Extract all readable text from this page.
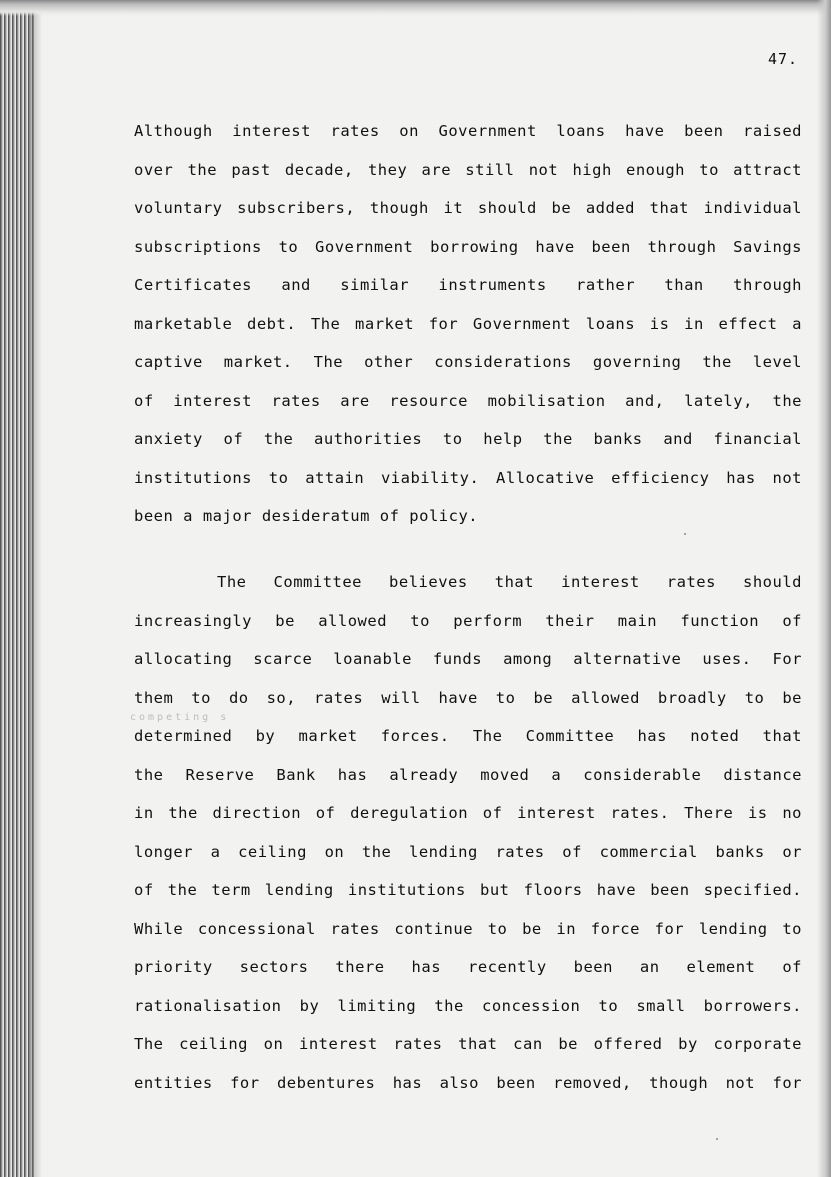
47.
Although interest rates on Government loans have been raised
over the past decade, they are still not high enough to attract
voluntary subscribers, though it should be added that individual
subscriptions to Government borrowing have been through Savings
Certificates and similar instruments rather than through
marketable debt. The market for Government loans is in effect a
captive market. The other considerations governing the level
of interest rates are resource mobilisation and, lately, the
anxiety of the authorities to help the banks and financial
institutions to attain viability. Allocative efficiency has not
been a major desideratum of policy.
The Committee believes that interest rates should
increasingly be allowed to perform their main function of
allocating scarce loanable funds among alternative uses. For
them to do so, rates will have to be allowed broadly to be
determined by market forces. The Committee has noted that
the Reserve Bank has already moved a considerable distance
in the direction of deregulation of interest rates. There is no
longer a ceiling on the lending rates of commercial banks or
of the term lending institutions but floors have been specified.
While concessional rates continue to be in force for lending to
priority sectors there has recently been an element of
rationalisation by limiting the concession to small borrowers.
The ceiling on interest rates that can be offered by corporate
entities for debentures has also been removed, though not for
competing s
